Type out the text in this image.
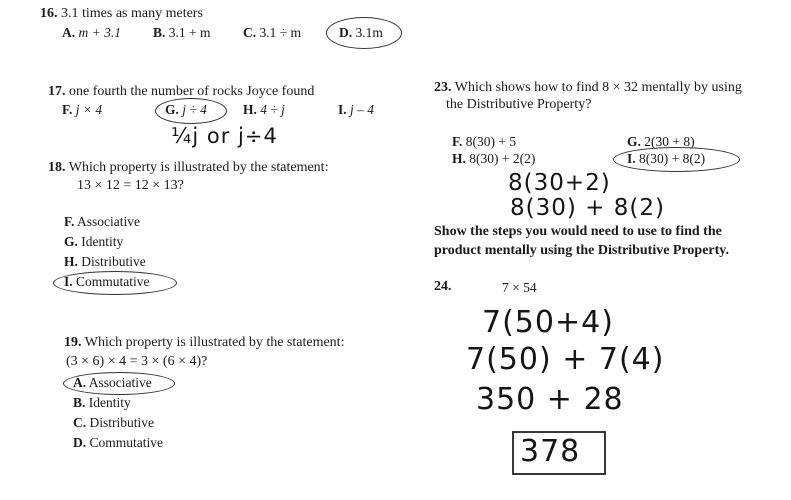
16. 3.1 times as many meters
A. m + 3.1 B. 3.1 + m C. 3.1 ÷ m	D. 3.1m
17. one fourth the number of rocks Joyce found
F. j × 4	G. j ÷ 4	H. 4 ÷ j	I. j – 4
¼j or j÷4
18. Which property is illustrated by the statement:
13 × 12 = 12 × 13?
F. Associative
G. Identity
H. Distributive
I. Commutative
19. Which property is illustrated by the statement:
(3 × 6) × 4 = 3 × (6 × 4)?
A. Associative
B. Identity
C. Distributive
D. Commutative
23. Which shows how to find 8 × 32 mentally by using
the Distributive Property?
F. 8(30) + 5	G. 2(30 + 8)
H. 8(30) + 2(2)	I. 8(30) + 8(2)
8(30+2)
8(30) + 8(2)
Show the steps you would need to use to find the
product mentally using the Distributive Property.
24.	7 × 54
7(50+4)
7(50) + 7(4)
350 + 28
378
